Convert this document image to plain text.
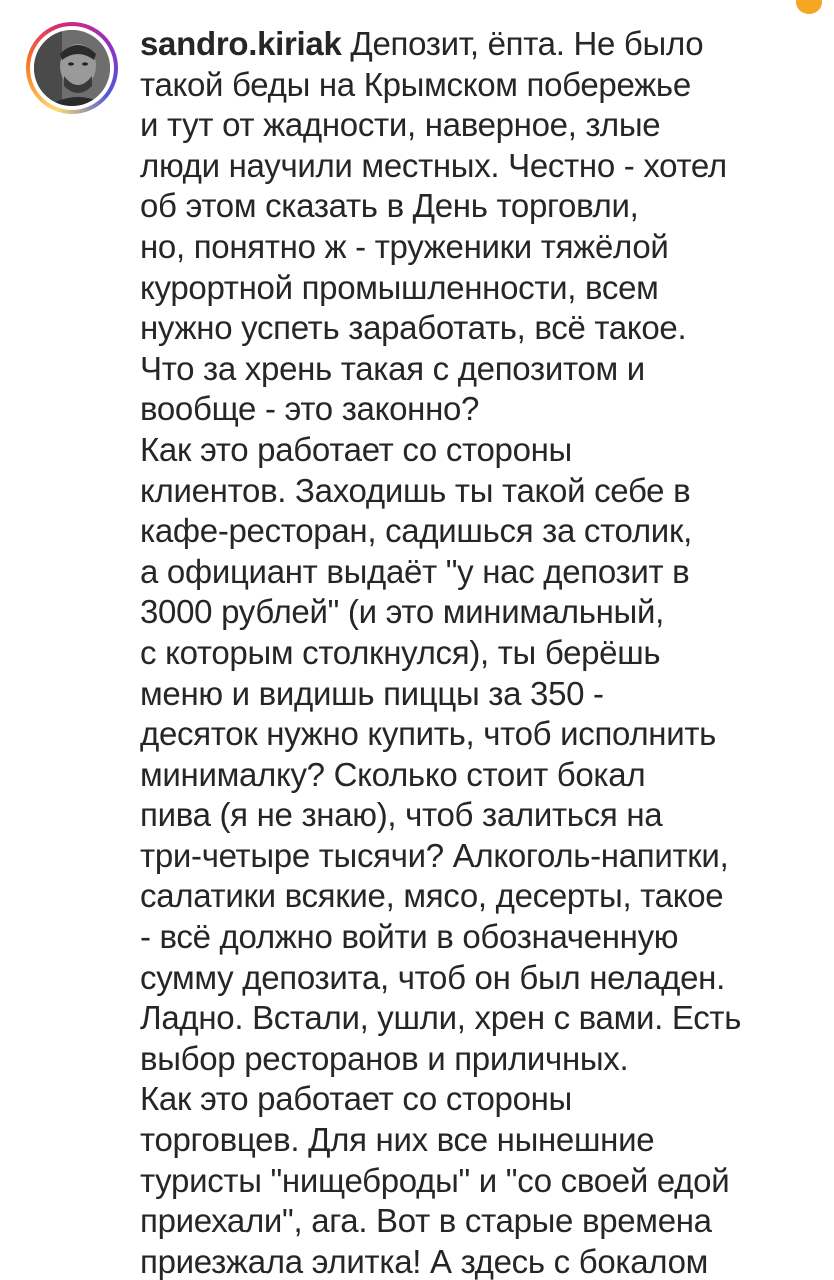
sandro.kiriak Депозит, ёпта. Не было
такой беды на Крымском побережье
и тут от жадности, наверное, злые
люди научили местных. Честно - хотел
об этом сказать в День торговли,
но, понятно ж - труженики тяжёлой
курортной промышленности, всем
нужно успеть заработать, всё такое.
Что за хрень такая с депозитом и
вообще - это законно?
Как это работает со стороны
клиентов. Заходишь ты такой себе в
кафе-ресторан, садишься за столик,
а официант выдаёт "у нас депозит в
3000 рублей" (и это минимальный,
с которым столкнулся), ты берёшь
меню и видишь пиццы за 350 -
десяток нужно купить, чтоб исполнить
минималку? Сколько стоит бокал
пива (я не знаю), чтоб залиться на
три-четыре тысячи? Алкоголь-напитки,
салатики всякие, мясо, десерты, такое
- всё должно войти в обозначенную
сумму депозита, чтоб он был неладен.
Ладно. Встали, ушли, хрен с вами. Есть
выбор ресторанов и приличных.
Как это работает со стороны
торговцев. Для них все нынешние
туристы "нищеброды" и "со своей едой
приехали", ага. Вот в старые времена
приезжала элитка! А здесь с бокалом
